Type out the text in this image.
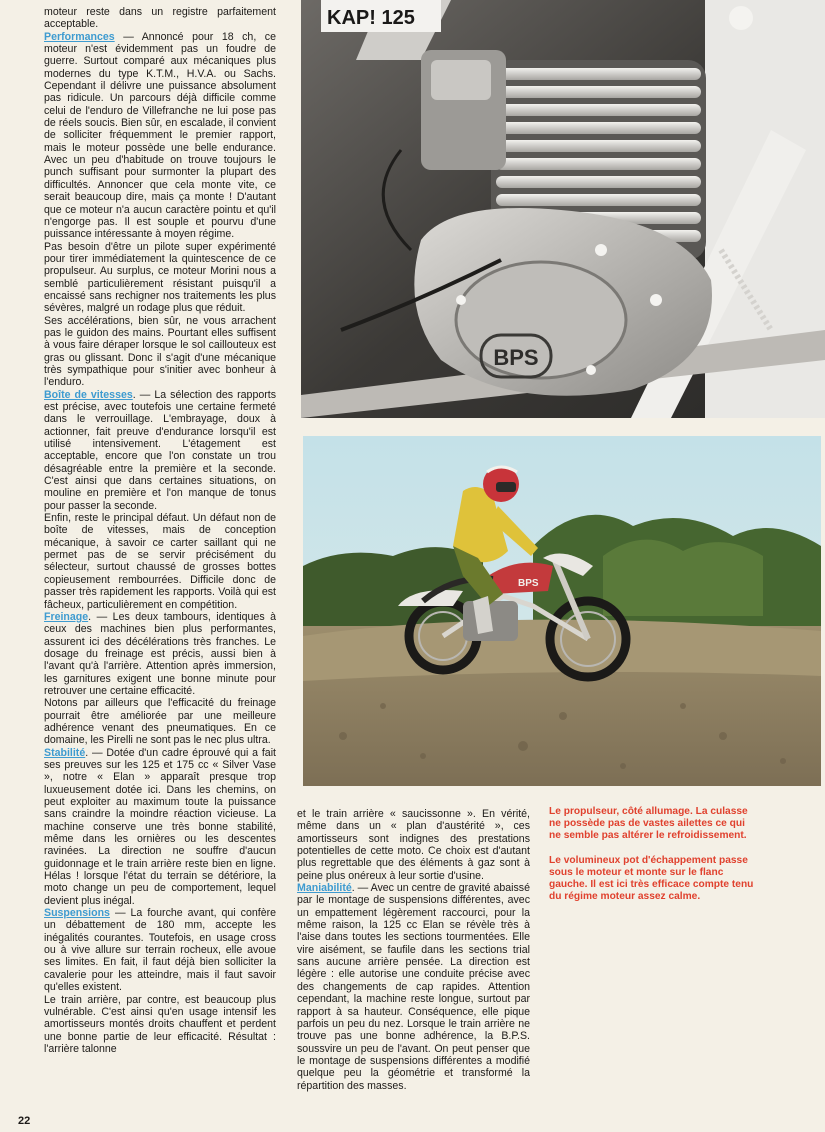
moteur reste dans un registre parfaitement acceptable.

Performances — Annoncé pour 18 ch, ce moteur n'est évidemment pas un foudre de guerre. Surtout comparé aux mécaniques plus modernes du type K.T.M., H.V.A. ou Sachs. Cependant il délivre une puissance absolument pas ridicule. Un parcours déjà difficile comme celui de l'enduro de Villefranche ne lui pose pas de réels soucis. Bien sûr, en escalade, il convient de solliciter fréquemment le premier rapport, mais le moteur possède une belle endurance. Avec un peu d'habitude on trouve toujours le punch suffisant pour surmonter la plupart des difficultés. Annoncer que cela monte vite, ce serait beaucoup dire, mais ça monte ! D'autant que ce moteur n'a aucun caractère pointu et qu'il n'engorge pas. Il est souple et pourvu d'une puissance intéressante à moyen régime.

Pas besoin d'être un pilote super expérimenté pour tirer immédiatement la quintescence de ce propulseur. Au surplus, ce moteur Morini nous a semblé particulièrement résistant puisqu'il a encaissé sans rechigner nos traitements les plus sévères, malgré un rodage plus que réduit.

Ses accélérations, bien sûr, ne vous arrachent pas le guidon des mains. Pourtant elles suffisent à vous faire déraper lorsque le sol caillouteux est gras ou glissant. Donc il s'agit d'une mécanique très sympathique pour s'initier avec bonheur à l'enduro.

Boîte de vitesses. — La sélection des rapports est précise, avec toutefois une certaine fermeté dans le verrouillage. L'embrayage, doux à actionner, fait preuve d'endurance lorsqu'il est utilisé intensivement. L'étagement est acceptable, encore que l'on constate un trou désagréable entre la première et la seconde. C'est ainsi que dans certaines situations, on mouline en première et l'on manque de tonus pour passer la seconde.

Enfin, reste le principal défaut. Un défaut non de boîte de vitesses, mais de conception mécanique, à savoir ce carter saillant qui ne permet pas de se servir précisément du sélecteur, surtout chaussé de grosses bottes copieusement rembourrées. Difficile donc de passer très rapidement les rapports. Voilà qui est fâcheux, particulièrement en compétition.

Freinage. — Les deux tambours, identiques à ceux des machines bien plus performantes, assurent ici des décélérations très franches. Le dosage du freinage est précis, aussi bien à l'avant qu'à l'arrière. Attention après immersion, les garnitures exigent une bonne minute pour retrouver une certaine efficacité.

Notons par ailleurs que l'efficacité du freinage pourrait être améliorée par une meilleure adhérence venant des pneumatiques. En ce domaine, les Pirelli ne sont pas le nec plus ultra.

Stabilité. — Dotée d'un cadre éprouvé qui a fait ses preuves sur les 125 et 175 cc « Silver Vase », notre « Elan » apparaît presque trop luxueusement dotée ici. Dans les chemins, on peut exploiter au maximum toute la puissance sans craindre la moindre réaction vicieuse. La machine conserve une très bonne stabilité, même dans les ornières ou les descentes ravinées. La direction ne souffre d'aucun guidonnage et le train arrière reste bien en ligne. Hélas ! lorsque l'état du terrain se détériore, la moto change un peu de comportement, lequel devient plus inégal.

Suspensions — La fourche avant, qui confère un débattement de 180 mm, accepte les inégalités courantes. Toutefois, en usage cross ou à vive allure sur terrain rocheux, elle avoue ses limites. En fait, il faut déjà bien solliciter la cavalerie pour les atteindre, mais il faut savoir qu'elles existent.

Le train arrière, par contre, est beaucoup plus vulnérable. C'est ainsi qu'en usage intensif les amortisseurs montés droits chauffent et perdent une bonne partie de leur efficacité. Résultat : l'arrière talonne

BPS
KAP! 125
BPS

et le train arrière « saucissonne ». En vérité, même dans un « plan d'austérité », ces amortisseurs sont indignes des prestations potentielles de cette moto. Ce choix est d'autant plus regrettable que des éléments à gaz sont à peine plus onéreux à leur sortie d'usine.

Maniabilité. — Avec un centre de gravité abaissé par le montage de suspensions différentes, avec un empattement légèrement raccourci, pour la même raison, la 125 cc Elan se révèle très à l'aise dans toutes les sections tourmentées. Elle vire aisément, se faufile dans les sections trial sans aucune arrière pensée. La direction est légère : elle autorise une conduite précise avec des changements de cap rapides. Attention cependant, la machine reste longue, surtout par rapport à sa hauteur. Conséquence, elle pique parfois un peu du nez. Lorsque le train arrière ne trouve pas une bonne adhérence, la B.P.S. soussvire un peu de l'avant. On peut penser que le montage de suspensions différentes a modifié quelque peu la géométrie et transformé la répartition des masses.

Le propulseur, côté allumage. La culasse ne possède pas de vastes ailettes ce qui ne semble pas altérer le refroidissement.

Le volumineux pot d'échappement passe sous le moteur et monte sur le flanc gauche. Il est ici très efficace compte tenu du régime moteur assez calme.

22
